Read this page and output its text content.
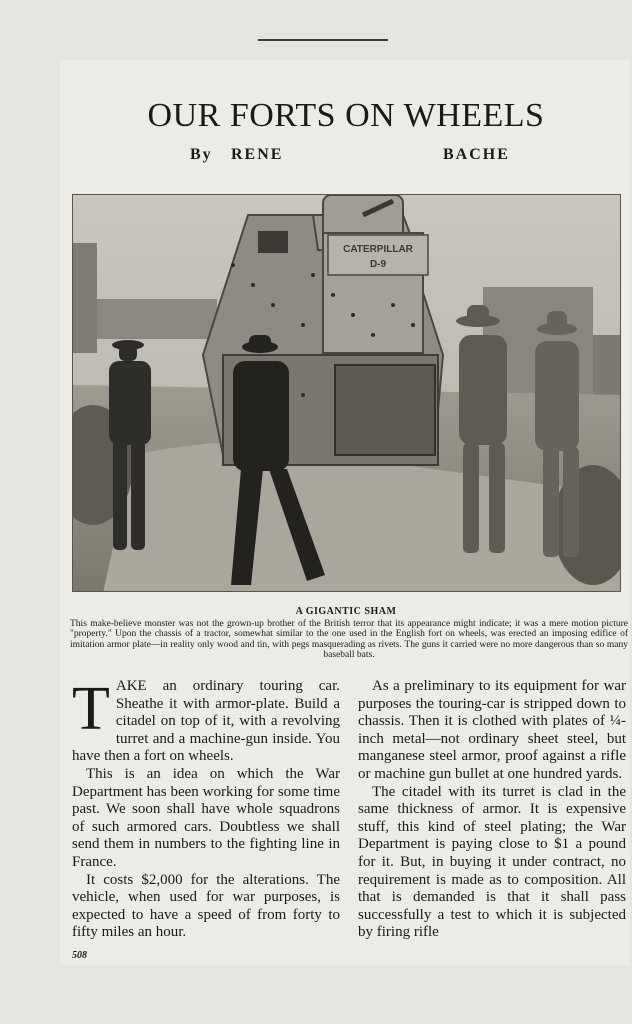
OUR FORTS ON WHEELS
By RENE	BACHE
CATERPILLAR
D-9
A GIGANTIC SHAM
This make-believe monster was not the grown-up brother of the British terror that its appearance might indicate; it was a mere motion picture "property." Upon the chassis of a tractor, somewhat similar to the one used in the English fort on wheels, was erected an imposing edifice of imitation armor plate—in reality only wood and tin, with pegs masquerading as rivets. The guns it carried were no more dangerous than so many baseball bats.

TAKE an ordinary touring car. Sheathe it with armor-plate. Build a citadel on top of it, with a revolving turret and a machine-gun inside. You have then a fort on wheels.

This is an idea on which the War Department has been working for some time past. We soon shall have whole squadrons of such armored cars. Doubtless we shall send them in numbers to the fighting line in France.

It costs $2,000 for the alterations. The vehicle, when used for war purposes, is expected to have a speed of from forty to fifty miles an hour.

As a preliminary to its equipment for war purposes the touring-car is stripped down to chassis. Then it is clothed with plates of ¼-inch metal—not ordinary sheet steel, but manganese steel armor, proof against a rifle or machine gun bullet at one hundred yards.

The citadel with its turret is clad in the same thickness of armor. It is expensive stuff, this kind of steel plating; the War Department is paying close to $1 a pound for it. But, in buying it under contract, no requirement is made as to composition. All that is demanded is that it shall pass successfully a test to which it is subjected by firing rifle

508
